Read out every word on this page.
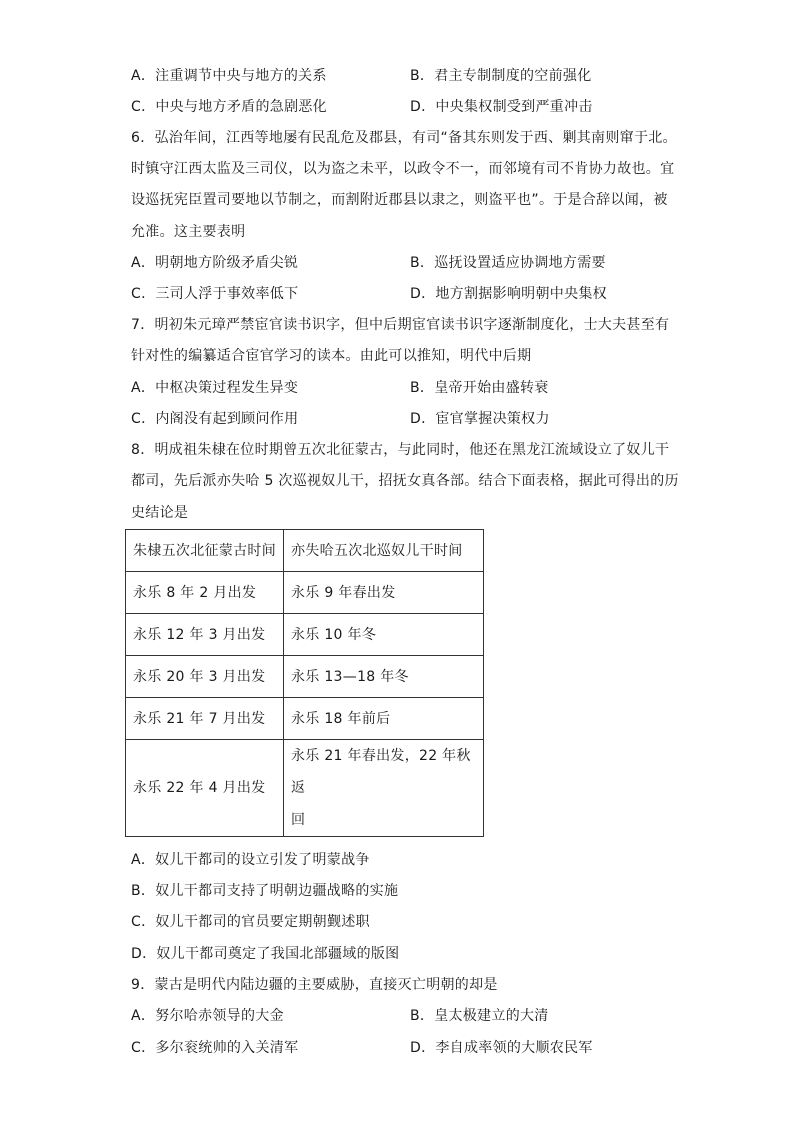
A．注重调节中央与地方的关系	B．君主专制制度的空前强化
C．中央与地方矛盾的急剧恶化	D．中央集权制受到严重冲击
6．弘治年间，江西等地屡有民乱危及郡县，有司“备其东则发于西、剿其南则窜于北。
时镇守江西太监及三司仪，以为盗之未平，以政令不一，而邻境有司不肯协力故也。宜
设巡抚宪臣置司要地以节制之，而割附近郡县以隶之，则盗平也”。于是合辞以闻，被
允准。这主要表明
A．明朝地方阶级矛盾尖锐	B．巡抚设置适应协调地方需要
C．三司人浮于事效率低下	D．地方割据影响明朝中央集权
7．明初朱元璋严禁宦官读书识字，但中后期宦官读书识字逐渐制度化，士大夫甚至有
针对性的编纂适合宦官学习的读本。由此可以推知，明代中后期
A．中枢决策过程发生异变	B．皇帝开始由盛转衰
C．内阁没有起到顾问作用	D．宦官掌握决策权力
8．明成祖朱棣在位时期曾五次北征蒙古，与此同时，他还在黑龙江流域设立了奴儿干
都司，先后派亦失哈 5 次巡视奴儿干，招抚女真各部。结合下面表格，据此可得出的历
史结论是
朱棣五次北征蒙古时间	亦失哈五次北巡奴儿干时间
永乐 8 年 2 月出发	永乐 9 年春出发
永乐 12 年 3 月出发	永乐 10 年冬
永乐 20 年 3 月出发	永乐 13—18 年冬
永乐 21 年 7 月出发	永乐 18 年前后
永乐 22 年 4 月出发	永乐 21 年春出发，22 年秋返
回
A．奴儿干都司的设立引发了明蒙战争
B．奴儿干都司支持了明朝边疆战略的实施
C．奴儿干都司的官员要定期朝觐述职
D．奴儿干都司奠定了我国北部疆域的版图
9．蒙古是明代内陆边疆的主要威胁，直接灭亡明朝的却是
A．努尔哈赤领导的大金	B．皇太极建立的大清
C．多尔衮统帅的入关清军	D．李自成率领的大顺农民军
